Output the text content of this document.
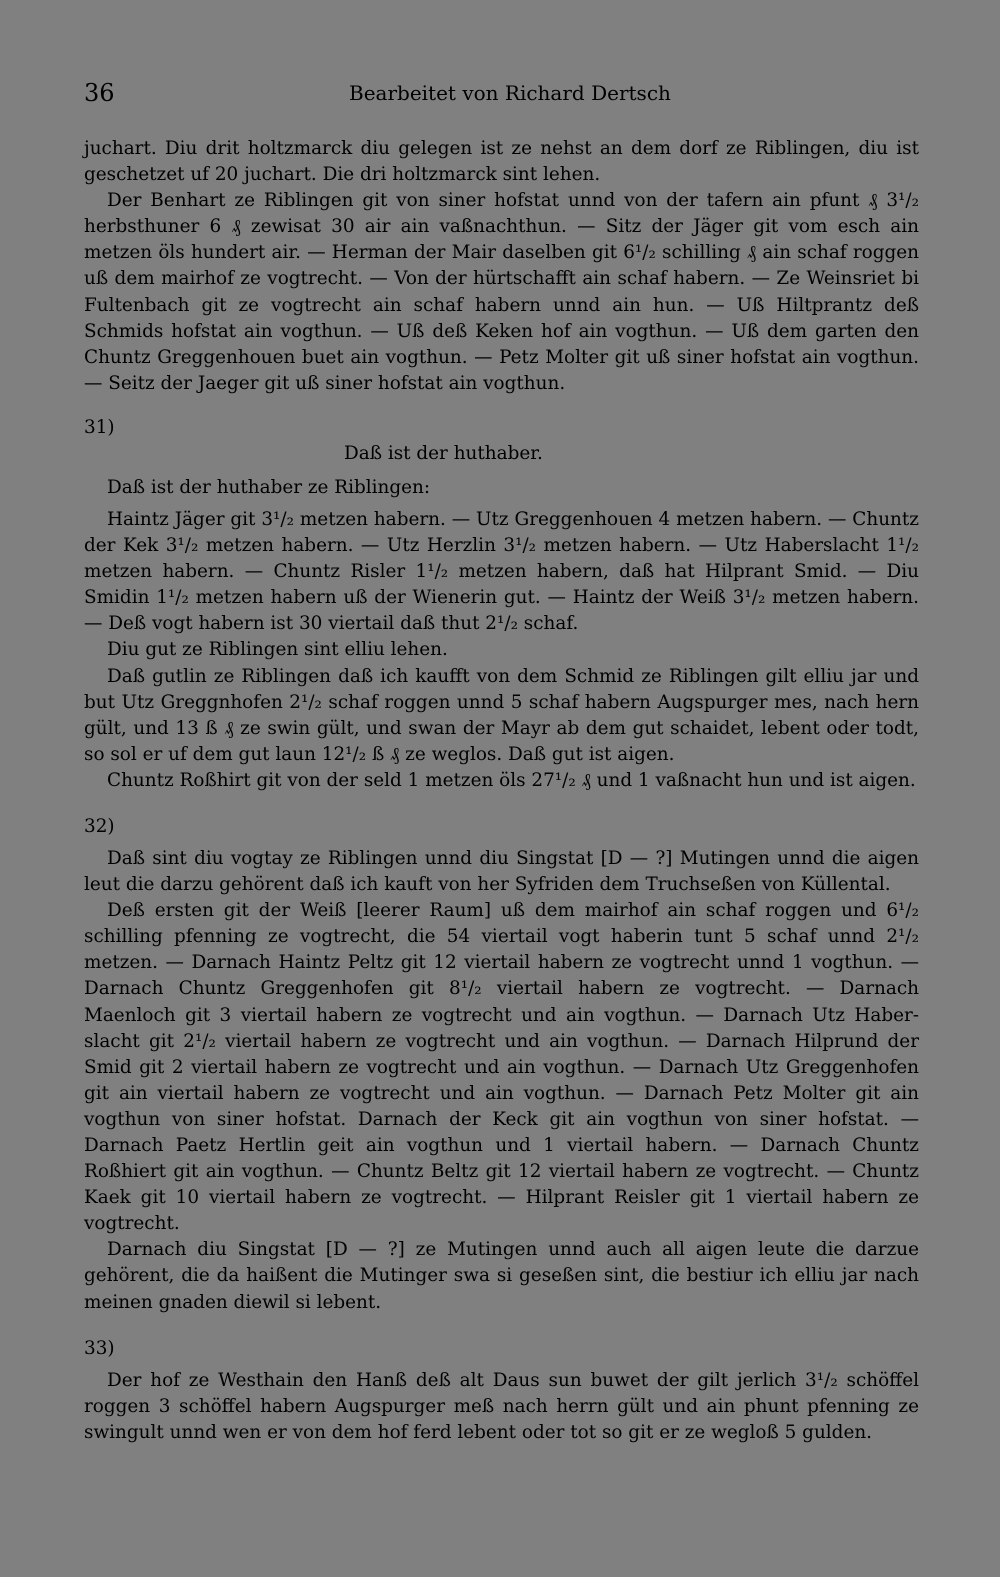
36	Bearbeitet von Richard Dertsch

juchart. Diu drit holtzmarck diu gelegen ist ze nehst an dem dorf ze Riblingen, diu ist geschetzet uf 20 juchart. Die dri holtzmarck sint lehen.

Der Benhart ze Riblingen git von siner hofstat unnd von der tafern ain pfunt ₰ 3¹/₂ herbsthuner 6 ₰ zewisat 30 air ain vaßnachthun. — Sitz der Jäger git vom esch ain metzen öls hundert air. — Herman der Mair daselben git 6¹/₂ schilling ₰ ain schaf roggen uß dem mairhof ze vogtrecht. — Von der hürtschafft ain schaf habern. — Ze Weinsriet bi Fultenbach git ze vogtrecht ain schaf habern unnd ain hun. — Uß Hiltprantz deß Schmids hofstat ain vogthun. — Uß deß Keken hof ain vogthun. — Uß dem garten den Chuntz Greggenhouen buet ain vogthun. — Petz Molter git uß siner hofstat ain vogthun. — Seitz der Jaeger git uß siner hofstat ain vogthun.

31)
Daß ist der huthaber.
Daß ist der huthaber ze Riblingen:

Haintz Jäger git 3¹/₂ metzen habern. — Utz Greggenhouen 4 metzen habern. — Chuntz der Kek 3¹/₂ metzen habern. — Utz Herzlin 3¹/₂ metzen habern. — Utz Haberslacht 1¹/₂ metzen habern. — Chuntz Risler 1¹/₂ metzen habern, daß hat Hilprant Smid. — Diu Smidin 1¹/₂ metzen habern uß der Wienerin gut. — Haintz der Weiß 3¹/₂ metzen habern. — Deß vogt habern ist 30 viertail daß thut 2¹/₂ schaf.

Diu gut ze Riblingen sint elliu lehen.

Daß gutlin ze Riblingen daß ich kaufft von dem Schmid ze Riblingen gilt elliu jar und but Utz Greggnhofen 2¹/₂ schaf roggen unnd 5 schaf habern Augspurger mes, nach hern gült, und 13 ß ₰ ze swin gült, und swan der Mayr ab dem gut schaidet, lebent oder todt, so sol er uf dem gut laun 12¹/₂ ß ₰ ze weglos. Daß gut ist aigen.

Chuntz Roßhirt git von der seld 1 metzen öls 27¹/₂ ₰ und 1 vaßnacht hun und ist aigen.

32)

Daß sint diu vogtay ze Riblingen unnd diu Singstat [D — ?] Mutingen unnd die aigen leut die darzu gehörent daß ich kauft von her Syfriden dem Truchseßen von Küllental.

Deß ersten git der Weiß [leerer Raum] uß dem mairhof ain schaf roggen und 6¹/₂ schilling pfenning ze vogtrecht, die 54 viertail vogt haberin tunt 5 schaf unnd 2¹/₂ metzen. — Darnach Haintz Peltz git 12 viertail habern ze vogtrecht unnd 1 vogthun. — Darnach Chuntz Greggenhofen git 8¹/₂ viertail habern ze vogtrecht. — Darnach Maenloch git 3 viertail habern ze vogtrecht und ain vogthun. — Darnach Utz Haberslacht git 2¹/₂ viertail habern ze vogtrecht und ain vogthun. — Darnach Hilprund der Smid git 2 viertail habern ze vogtrecht und ain vogthun. — Darnach Utz Greggenhofen git ain viertail habern ze vogtrecht und ain vogthun. — Darnach Petz Molter git ain vogthun von siner hofstat. Darnach der Keck git ain vogthun von siner hofstat. — Darnach Paetz Hertlin geit ain vogthun und 1 viertail habern. — Darnach Chuntz Roßhiert git ain vogthun. — Chuntz Beltz git 12 viertail habern ze vogtrecht. — Chuntz Kaek git 10 viertail habern ze vogtrecht. — Hilprant Reisler git 1 viertail habern ze vogtrecht.

Darnach diu Singstat [D — ?] ze Mutingen unnd auch all aigen leute die darzue gehörent, die da haißent die Mutinger swa si geseßen sint, die bestiur ich elliu jar nach meinen gnaden diewil si lebent.

33)

Der hof ze Westhain den Hanß deß alt Daus sun buwet der gilt jerlich 3¹/₂ schöffel roggen 3 schöffel habern Augspurger meß nach herrn gült und ain phunt pfenning ze swingult unnd wen er von dem hof ferd lebent oder tot so git er ze wegloß 5 gulden.
